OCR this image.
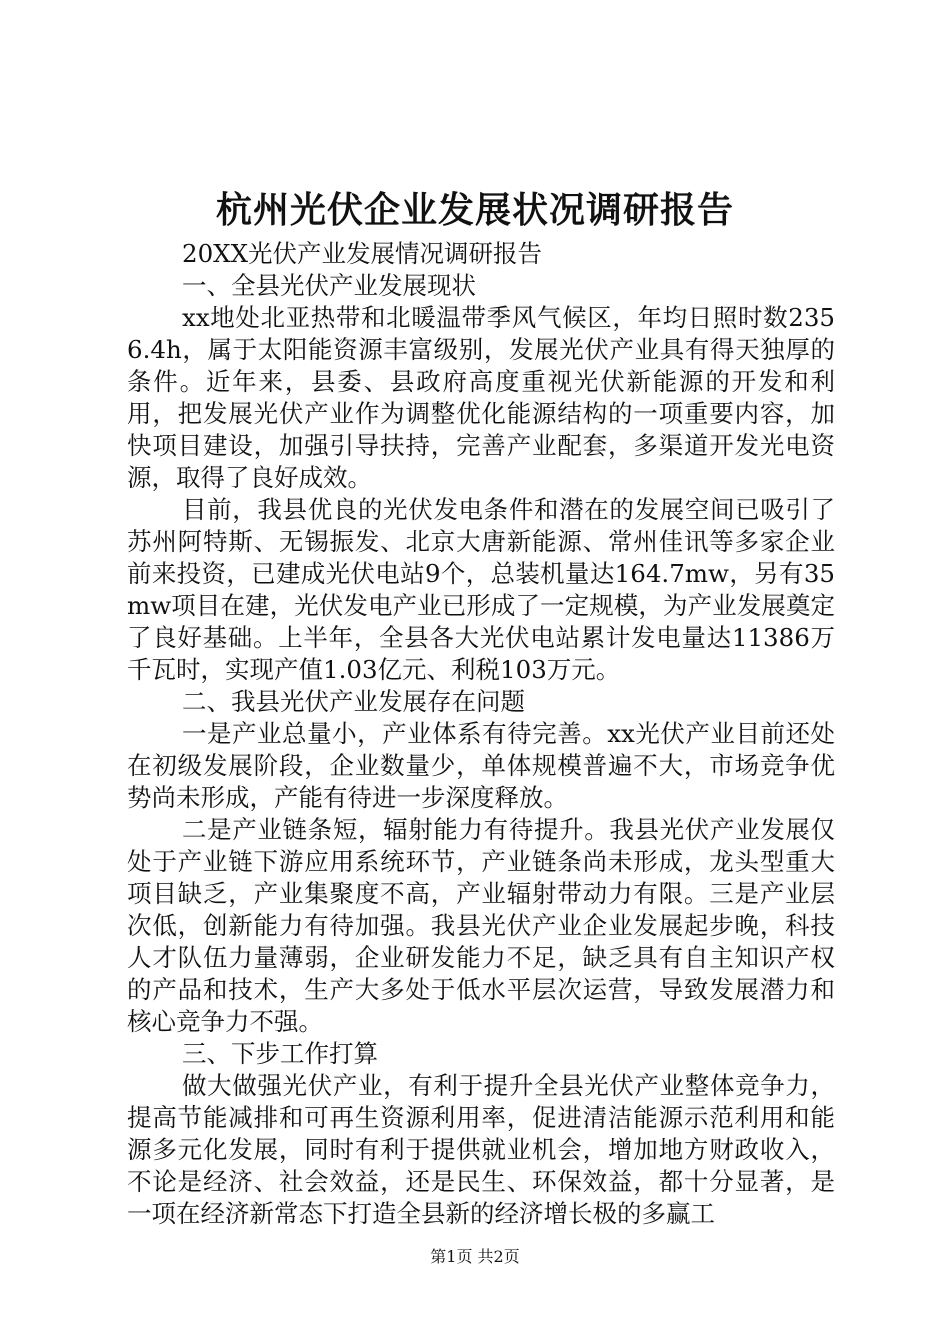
杭州光伏企业发展状况调研报告

20XX光伏产业发展情况调研报告

一、全县光伏产业发展现状

xx地处北亚热带和北暖温带季风气候区，年均日照时数2356.4h，属于太阳能资源丰富级别，发展光伏产业具有得天独厚的条件。近年来，县委、县政府高度重视光伏新能源的开发和利用，把发展光伏产业作为调整优化能源结构的一项重要内容，加快项目建设，加强引导扶持，完善产业配套，多渠道开发光电资源，取得了良好成效。

目前，我县优良的光伏发电条件和潜在的发展空间已吸引了苏州阿特斯、无锡振发、北京大唐新能源、常州佳讯等多家企业前来投资，已建成光伏电站9个，总装机量达164.7mw，另有35mw项目在建，光伏发电产业已形成了一定规模，为产业发展奠定了良好基础。上半年，全县各大光伏电站累计发电量达11386万千瓦时，实现产值1.03亿元、利税103万元。

二、我县光伏产业发展存在问题

一是产业总量小，产业体系有待完善。xx光伏产业目前还处在初级发展阶段，企业数量少，单体规模普遍不大，市场竞争优势尚未形成，产能有待进一步深度释放。

二是产业链条短，辐射能力有待提升。我县光伏产业发展仅处于产业链下游应用系统环节，产业链条尚未形成，龙头型重大项目缺乏，产业集聚度不高，产业辐射带动力有限。三是产业层次低，创新能力有待加强。我县光伏产业企业发展起步晚，科技人才队伍力量薄弱，企业研发能力不足，缺乏具有自主知识产权的产品和技术，生产大多处于低水平层次运营，导致发展潜力和核心竞争力不强。

三、下步工作打算

做大做强光伏产业，有利于提升全县光伏产业整体竞争力，提高节能减排和可再生资源利用率，促进清洁能源示范利用和能源多元化发展，同时有利于提供就业机会，增加地方财政收入，不论是经济、社会效益，还是民生、环保效益，都十分显著，是一项在经济新常态下打造全县新的经济增长极的多赢工

第1页 共2页
